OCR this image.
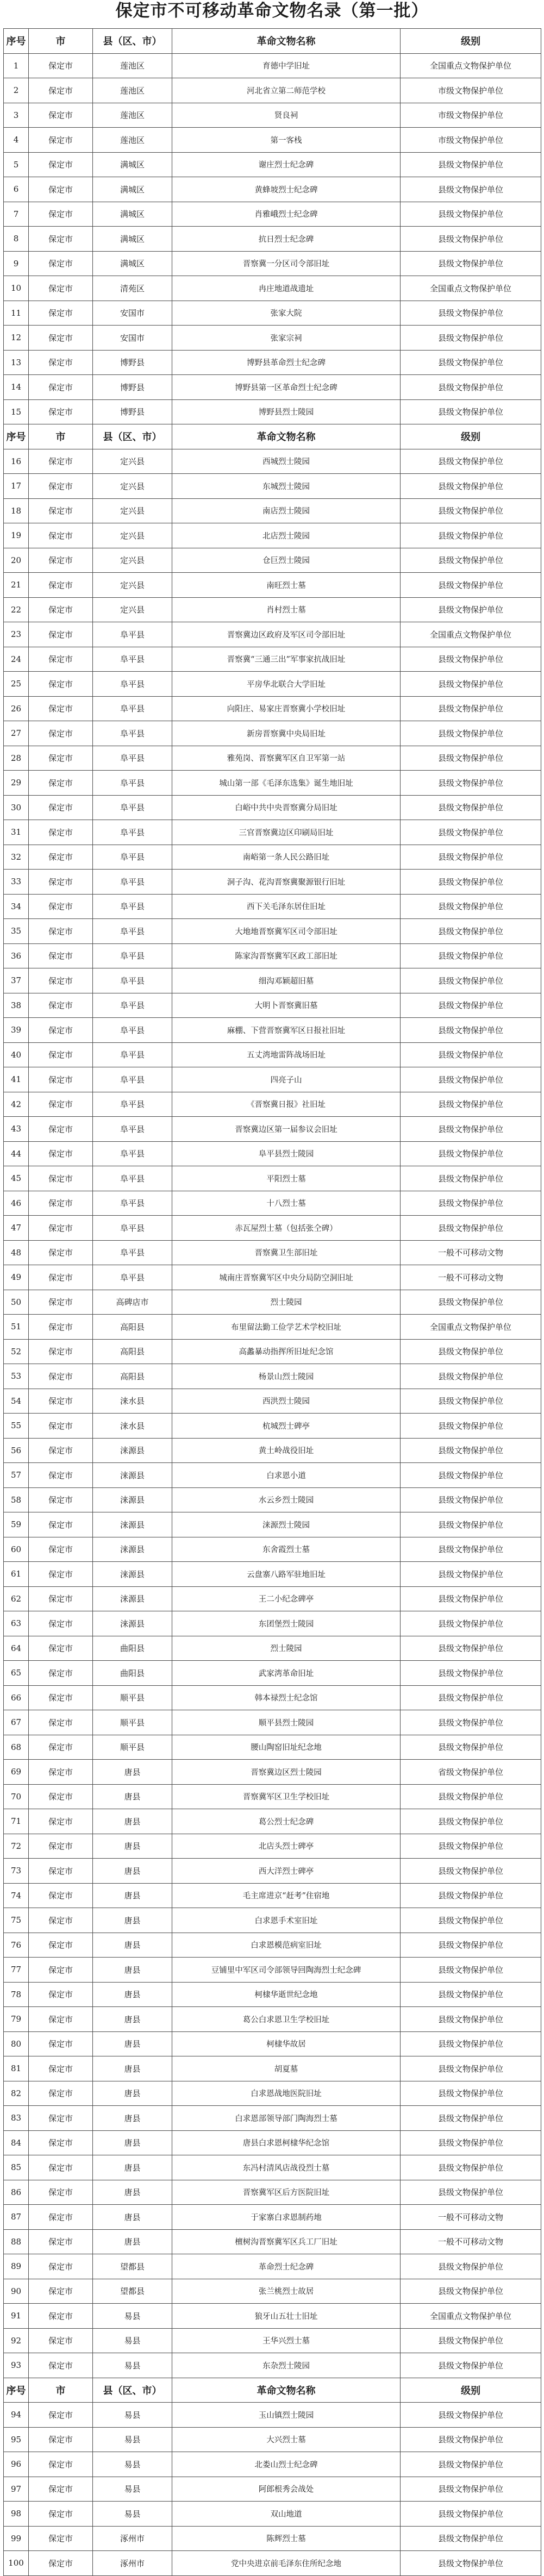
保定市不可移动革命文物名录（第一批）
序号	市	县（区、市）	革命文物名称	级别
1	保定市	莲池区	育德中学旧址	全国重点文物保护单位
2	保定市	莲池区	河北省立第二师范学校	市级文物保护单位
3	保定市	莲池区	贤良祠	市级文物保护单位
4	保定市	莲池区	第一客栈	市级文物保护单位
5	保定市	满城区	谢庄烈士纪念碑	县级文物保护单位
6	保定市	满城区	黄蜂坡烈士纪念碑	县级文物保护单位
7	保定市	满城区	肖雅峨烈士纪念碑	县级文物保护单位
8	保定市	满城区	抗日烈士纪念碑	县级文物保护单位
9	保定市	满城区	晋察冀一分区司令部旧址	县级文物保护单位
10	保定市	清苑区	冉庄地道战遗址	全国重点文物保护单位
11	保定市	安国市	张家大院	县级文物保护单位
12	保定市	安国市	张家宗祠	县级文物保护单位
13	保定市	博野县	博野县革命烈士纪念碑	县级文物保护单位
14	保定市	博野县	博野县第一区革命烈士纪念碑	县级文物保护单位
15	保定市	博野县	博野县烈士陵园	县级文物保护单位
序号	市	县（区、市）	革命文物名称	级别
16	保定市	定兴县	西城烈士陵园	县级文物保护单位
17	保定市	定兴县	东城烈士陵园	县级文物保护单位
18	保定市	定兴县	南店烈士陵园	县级文物保护单位
19	保定市	定兴县	北店烈士陵园	县级文物保护单位
20	保定市	定兴县	仓巨烈士陵园	县级文物保护单位
21	保定市	定兴县	南旺烈士墓	县级文物保护单位
22	保定市	定兴县	肖村烈士墓	县级文物保护单位
23	保定市	阜平县	晋察冀边区政府及军区司令部旧址	全国重点文物保护单位
24	保定市	阜平县	晋察冀“三通三出”军事家抗战旧址	县级文物保护单位
25	保定市	阜平县	平房华北联合大学旧址	县级文物保护单位
26	保定市	阜平县	向阳庄、易家庄晋察冀小学校旧址	县级文物保护单位
27	保定市	阜平县	新房晋察冀中央局旧址	县级文物保护单位
28	保定市	阜平县	雅苑岗、晋察冀军区自卫军第一站	县级文物保护单位
29	保定市	阜平县	城山第一部《毛泽东选集》诞生地旧址	县级文物保护单位
30	保定市	阜平县	白峪中共中央晋察冀分局旧址	县级文物保护单位
31	保定市	阜平县	三官晋察冀边区印刷局旧址	县级文物保护单位
32	保定市	阜平县	南峪第一条人民公路旧址	县级文物保护单位
33	保定市	阜平县	洞子沟、花沟晋察冀聚源银行旧址	县级文物保护单位
34	保定市	阜平县	西下关毛泽东居住旧址	县级文物保护单位
35	保定市	阜平县	大地地晋察冀军区司令部旧址	县级文物保护单位
36	保定市	阜平县	陈家沟晋察冀军区政工部旧址	县级文物保护单位
37	保定市	阜平县	细沟邓颖超旧墓	县级文物保护单位
38	保定市	阜平县	大明卜晋察冀旧墓	县级文物保护单位
39	保定市	阜平县	麻棚、下营晋察冀军区日报社旧址	县级文物保护单位
40	保定市	阜平县	五丈湾地雷阵战场旧址	县级文物保护单位
41	保定市	阜平县	四亮子山	县级文物保护单位
42	保定市	阜平县	《晋察冀日报》社旧址	县级文物保护单位
43	保定市	阜平县	晋察冀边区第一届参议会旧址	县级文物保护单位
44	保定市	阜平县	阜平县烈士陵园	县级文物保护单位
45	保定市	阜平县	平阳烈士墓	县级文物保护单位
46	保定市	阜平县	十八烈士墓	县级文物保护单位
47	保定市	阜平县	赤瓦屋烈士墓（包括张仝碑）	县级文物保护单位
48	保定市	阜平县	晋察冀卫生部旧址	一般不可移动文物
49	保定市	阜平县	城南庄晋察冀军区中央分局防空洞旧址	一般不可移动文物
50	保定市	高碑店市	烈士陵园	县级文物保护单位
51	保定市	高阳县	布里留法勤工俭学艺术学校旧址	全国重点文物保护单位
52	保定市	高阳县	高蠡暴动指挥所旧址纪念馆	县级文物保护单位
53	保定市	高阳县	杨景山烈士陵园	县级文物保护单位
54	保定市	涞水县	西洪烈士陵园	县级文物保护单位
55	保定市	涞水县	杭城烈士碑亭	县级文物保护单位
56	保定市	涞源县	黄土岭战役旧址	县级文物保护单位
57	保定市	涞源县	白求恩小道	县级文物保护单位
58	保定市	涞源县	水云乡烈士陵园	县级文物保护单位
59	保定市	涞源县	涞源烈士陵园	县级文物保护单位
60	保定市	涞源县	东舍霞烈士墓	县级文物保护单位
61	保定市	涞源县	云盘寨八路军驻地旧址	县级文物保护单位
62	保定市	涞源县	王二小纪念碑亭	县级文物保护单位
63	保定市	涞源县	东团堡烈士陵园	县级文物保护单位
64	保定市	曲阳县	烈士陵园	县级文物保护单位
65	保定市	曲阳县	武家湾革命旧址	县级文物保护单位
66	保定市	顺平县	韩本禄烈士纪念馆	县级文物保护单位
67	保定市	顺平县	顺平县烈士陵园	县级文物保护单位
68	保定市	顺平县	腰山陶窑旧址纪念地	县级文物保护单位
69	保定市	唐县	晋察冀边区烈士陵园	省级文物保护单位
70	保定市	唐县	晋察冀军区卫生学校旧址	县级文物保护单位
71	保定市	唐县	葛公烈士纪念碑	县级文物保护单位
72	保定市	唐县	北店头烈士碑亭	县级文物保护单位
73	保定市	唐县	西大洋烈士碑亭	县级文物保护单位
74	保定市	唐县	毛主席进京“赶考”住宿地	县级文物保护单位
75	保定市	唐县	白求恩手术室旧址	县级文物保护单位
76	保定市	唐县	白求恩模范病室旧址	县级文物保护单位
77	保定市	唐县	豆铺里中军区司令部领导回陶海烈士纪念碑	县级文物保护单位
78	保定市	唐县	柯棣华逝世纪念地	县级文物保护单位
79	保定市	唐县	葛公白求恩卫生学校旧址	县级文物保护单位
80	保定市	唐县	柯棣华故居	县级文物保护单位
81	保定市	唐县	胡夏墓	县级文物保护单位
82	保定市	唐县	白求恩战地医院旧址	县级文物保护单位
83	保定市	唐县	白求恩部领导部门陶海烈士墓	县级文物保护单位
84	保定市	唐县	唐县白求恩柯棣华纪念馆	县级文物保护单位
85	保定市	唐县	东冯村清风店战役烈士墓	县级文物保护单位
86	保定市	唐县	晋察冀军区后方医院旧址	县级文物保护单位
87	保定市	唐县	于家寨白求恩制药地	一般不可移动文物
88	保定市	唐县	檀树沟晋察冀军区兵工厂旧址	一般不可移动文物
89	保定市	望都县	革命烈士纪念碑	县级文物保护单位
90	保定市	望都县	张兰桃烈士故居	县级文物保护单位
91	保定市	易县	狼牙山五壮士旧址	全国重点文物保护单位
92	保定市	易县	王华兴烈士墓	县级文物保护单位
93	保定市	易县	东杂烈士陵园	县级文物保护单位
序号	市	县（区、市）	革命文物名称	级别
94	保定市	易县	玉山镇烈士陵园	县级文物保护单位
95	保定市	易县	大兴烈士墓	县级文物保护单位
96	保定市	易县	北娄山烈士纪念碑	县级文物保护单位
97	保定市	易县	阿郎根秀会战处	县级文物保护单位
98	保定市	易县	双山地道	县级文物保护单位
99	保定市	涿州市	陈辉烈士墓	县级文物保护单位
100	保定市	涿州市	党中央进京前毛泽东住所纪念地	县级文物保护单位
